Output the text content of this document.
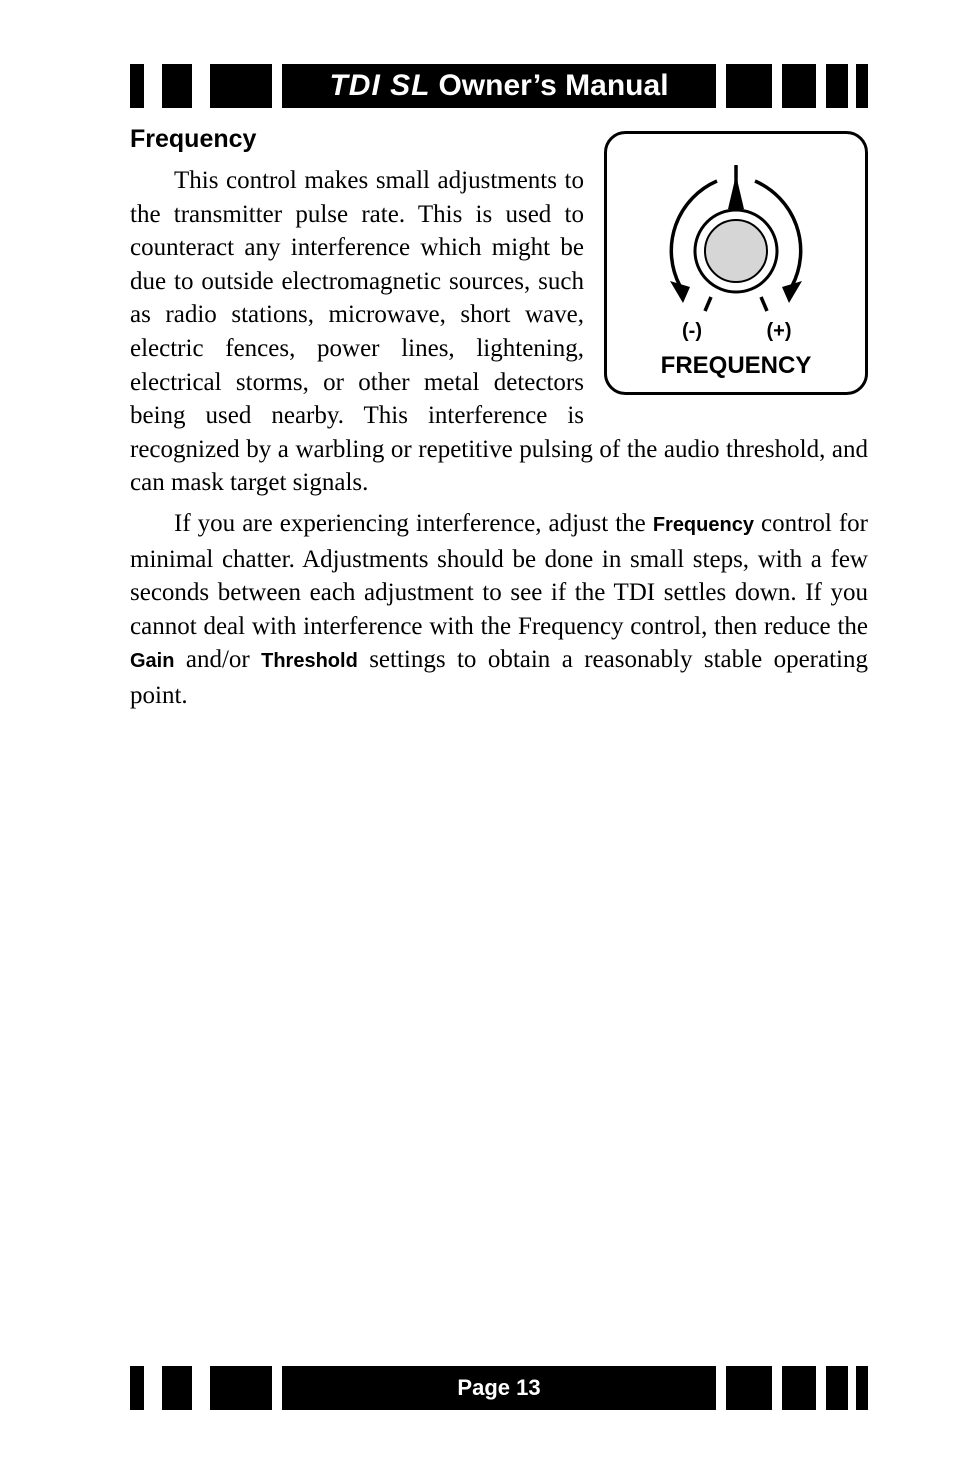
TDI SL Owner’s Manual
Frequency

This control makes small adjustments to the transmitter pulse rate. This is used to counteract any interference which might be due to outside electromagnetic sources, such as radio stations, microwave, short wave, electric fences, power lines, lightening, electrical storms, or other metal detectors being used nearby. This interference is recognized by a warbling or repetitive pulsing of the audio threshold, and can mask target signals.

If you are experiencing interference, adjust the Frequency control for minimal chatter. Adjustments should be done in small steps, with a few seconds between each adjustment to see if the TDI settles down. If you cannot deal with interference with the Frequency control, then reduce the Gain and/or Threshold settings to obtain a reasonably stable operating point.

(-)	(+)
FREQUENCY
Page 13
